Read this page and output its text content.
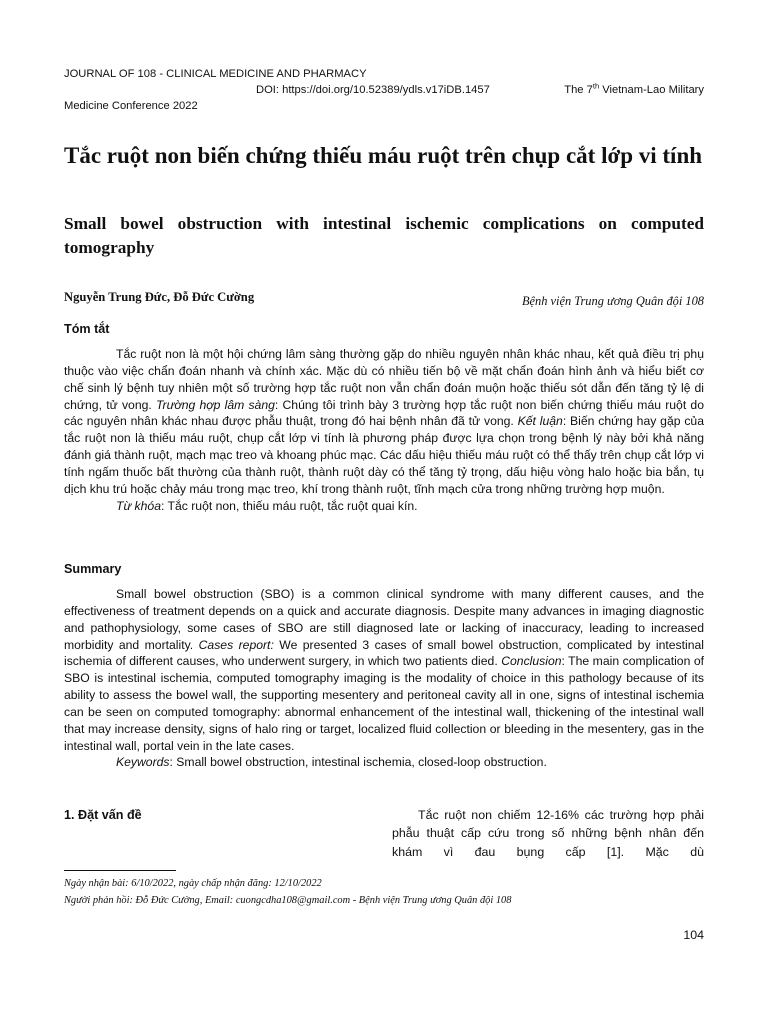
JOURNAL OF 108 - CLINICAL MEDICINE AND PHARMACY
DOI: https://doi.org/10.52389/ydls.v17iDB.1457	The 7th Vietnam-Lao Military
Medicine Conference 2022
Tắc ruột non biến chứng thiếu máu ruột trên chụp cắt lớp vi tính
Small bowel obstruction with intestinal ischemic complications on computed tomography
Nguyễn Trung Đức, Đỗ Đức Cường	Bệnh viện Trung ương Quân đội 108
Tóm tắt

Tắc ruột non là một hội chứng lâm sàng thường gặp do nhiều nguyên nhân khác nhau, kết quả điều trị phụ thuộc vào việc chẩn đoán nhanh và chính xác. Mặc dù có nhiều tiến bộ về mặt chẩn đoán hình ảnh và hiểu biết cơ chế sinh lý bệnh tuy nhiên một số trường hợp tắc ruột non vẫn chẩn đoán muộn hoặc thiếu sót dẫn đến tăng tỷ lệ di chứng, tử vong. Trường hợp lâm sàng: Chúng tôi trình bày 3 trường hợp tắc ruột non biến chứng thiếu máu ruột do các nguyên nhân khác nhau được phẫu thuật, trong đó hai bệnh nhân đã tử vong. Kết luận: Biến chứng hay gặp của tắc ruột non là thiếu máu ruột, chụp cắt lớp vi tính là phương pháp được lựa chọn trong bệnh lý này bởi khả năng đánh giá thành ruột, mạch mạc treo và khoang phúc mạc. Các dấu hiệu thiếu máu ruột có thể thấy trên chụp cắt lớp vi tính ngấm thuốc bất thường của thành ruột, thành ruột dày có thể tăng tỷ trọng, dấu hiệu vòng halo hoặc bia bắn, tụ dịch khu trú hoặc chảy máu trong mạc treo, khí trong thành ruột, tĩnh mạch cửa trong những trường hợp muộn.

Từ khóa: Tắc ruột non, thiếu máu ruột, tắc ruột quai kín.

Summary

Small bowel obstruction (SBO) is a common clinical syndrome with many different causes, and the effectiveness of treatment depends on a quick and accurate diagnosis. Despite many advances in imaging diagnostic and pathophysiology, some cases of SBO are still diagnosed late or lacking of inaccuracy, leading to increased morbidity and mortality. Cases report: We presented 3 cases of small bowel obstruction, complicated by intestinal ischemia of different causes, who underwent surgery, in which two patients died. Conclusion: The main complication of SBO is intestinal ischemia, computed tomography imaging is the modality of choice in this pathology because of its ability to assess the bowel wall, the supporting mesentery and peritoneal cavity all in one, signs of intestinal ischemia can be seen on computed tomography: abnormal enhancement of the intestinal wall, thickening of the intestinal wall that may increase density, signs of halo ring or target, localized fluid collection or bleeding in the mesentery, gas in the intestinal wall, portal vein in the late cases.

Keywords: Small bowel obstruction, intestinal ischemia, closed-loop obstruction.

1. Đặt vấn đề	Tắc ruột non chiếm 12-16% các trường hợp phải phẫu thuật cấp cứu trong số những bệnh nhân đến khám vì đau bụng cấp [1]. Mặc dù

Ngày nhận bài: 6/10/2022, ngày chấp nhận đăng: 12/10/2022
Người phản hồi: Đỗ Đức Cường, Email: cuongcdha108@gmail.com - Bệnh viện Trung ương Quân đội 108
104
